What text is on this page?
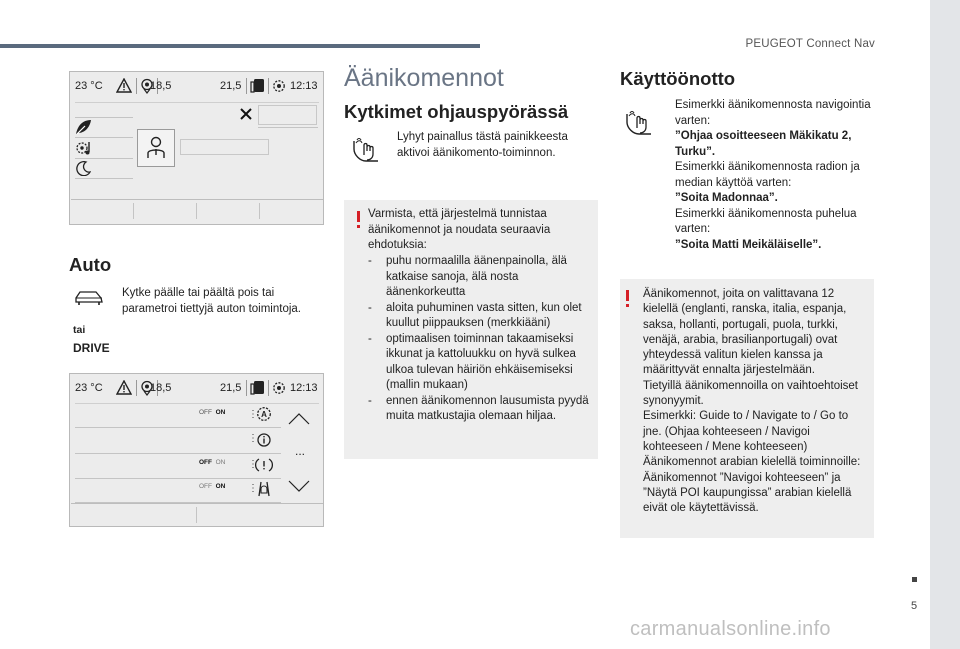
PEUGEOT Connect Nav
5
carmanualsonline.info
23 °C	18,5	21,5	12:13
Auto
Kytke päälle tai päältä pois tai parametroi tiettyjä auton toimintoja.
tai
DRIVE
23 °C	18,5	21,5	12:13
OFF ON ⋮ A
⋮
...
OFF ON ⋮
OFF ON ⋮
Äänikomennot
Kytkimet ohjauspyörässä
Lyhyt painallus tästä painikkeesta aktivoi äänikomento-toiminnon.
Varmista, että järjestelmä tunnistaa äänikomennot ja noudata seuraavia ehdotuksia:
- puhu normaalilla äänenpainolla, älä katkaise sanoja, älä nosta äänenkorkeutta
- aloita puhuminen vasta sitten, kun olet kuullut piippauksen (merkkiääni)
- optimaalisen toiminnan takaamiseksi ikkunat ja kattoluukku on hyvä sulkea ulkoa tulevan häiriön ehkäisemiseksi (mallin mukaan)
- ennen äänikomennon lausumista pyydä muita matkustajia olemaan hiljaa.
Käyttöönotto
Esimerkki äänikomennosta navigointia varten:
”Ohjaa osoitteeseen Mäkikatu 2, Turku”.
Esimerkki äänikomennosta radion ja median käyttöä varten:
”Soita Madonnaa”.
Esimerkki äänikomennosta puhelua varten:
”Soita Matti Meikäläiselle”.
Äänikomennot, joita on valittavana 12 kielellä (englanti, ranska, italia, espanja, saksa, hollanti, portugali, puola, turkki, venäjä, arabia, brasilianportugali) ovat yhteydessä valitun kielen kanssa ja määrittyvät ennalta järjestelmään.
Tietyillä äänikomennoilla on vaihtoehtoiset synonyymit.
Esimerkki: Guide to / Navigate to / Go to jne. (Ohjaa kohteeseen / Navigoi kohteeseen / Mene kohteeseen)
Äänikomennot arabian kielellä toiminnoille: Äänikomennot ”Navigoi kohteeseen” ja ”Näytä POI kaupungissa” arabian kielellä eivät ole käytettävissä.
